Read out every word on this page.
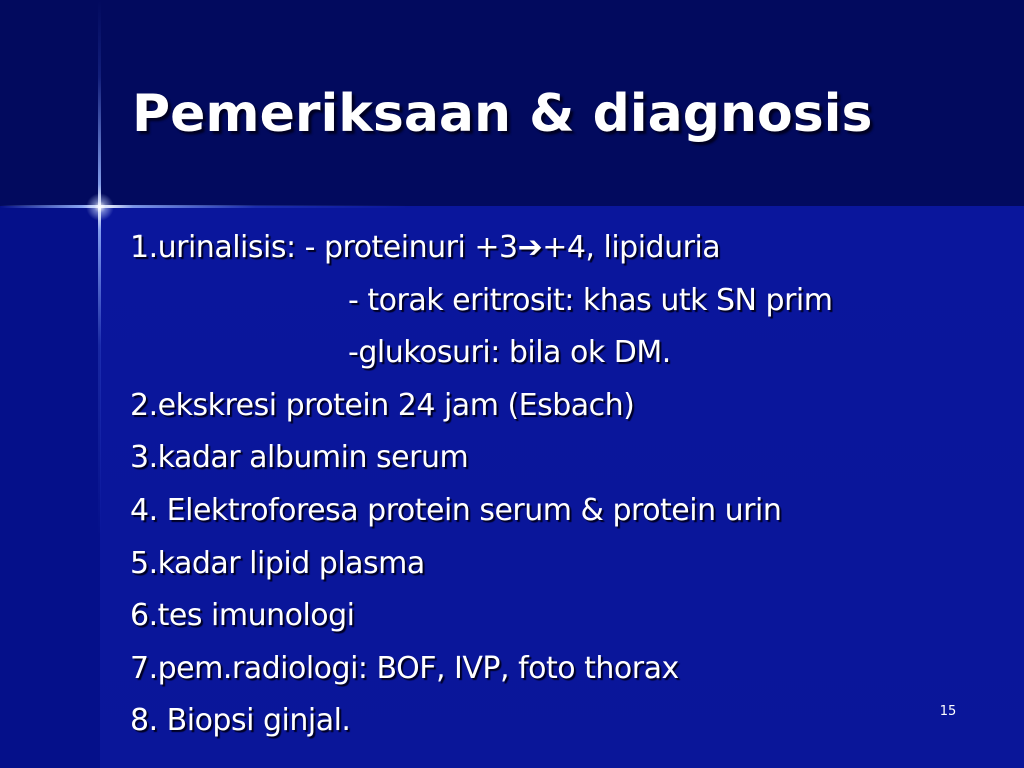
Pemeriksaan & diagnosis
1.urinalisis: - proteinuri +3➔+4, lipiduria
- torak eritrosit: khas utk SN prim
-glukosuri: bila ok DM.
2.ekskresi protein 24 jam (Esbach)
3.kadar albumin serum
4. Elektroforesa protein serum & protein urin
5.kadar lipid plasma
6.tes imunologi
7.pem.radiologi: BOF, IVP, foto thorax
8. Biopsi ginjal.	15
